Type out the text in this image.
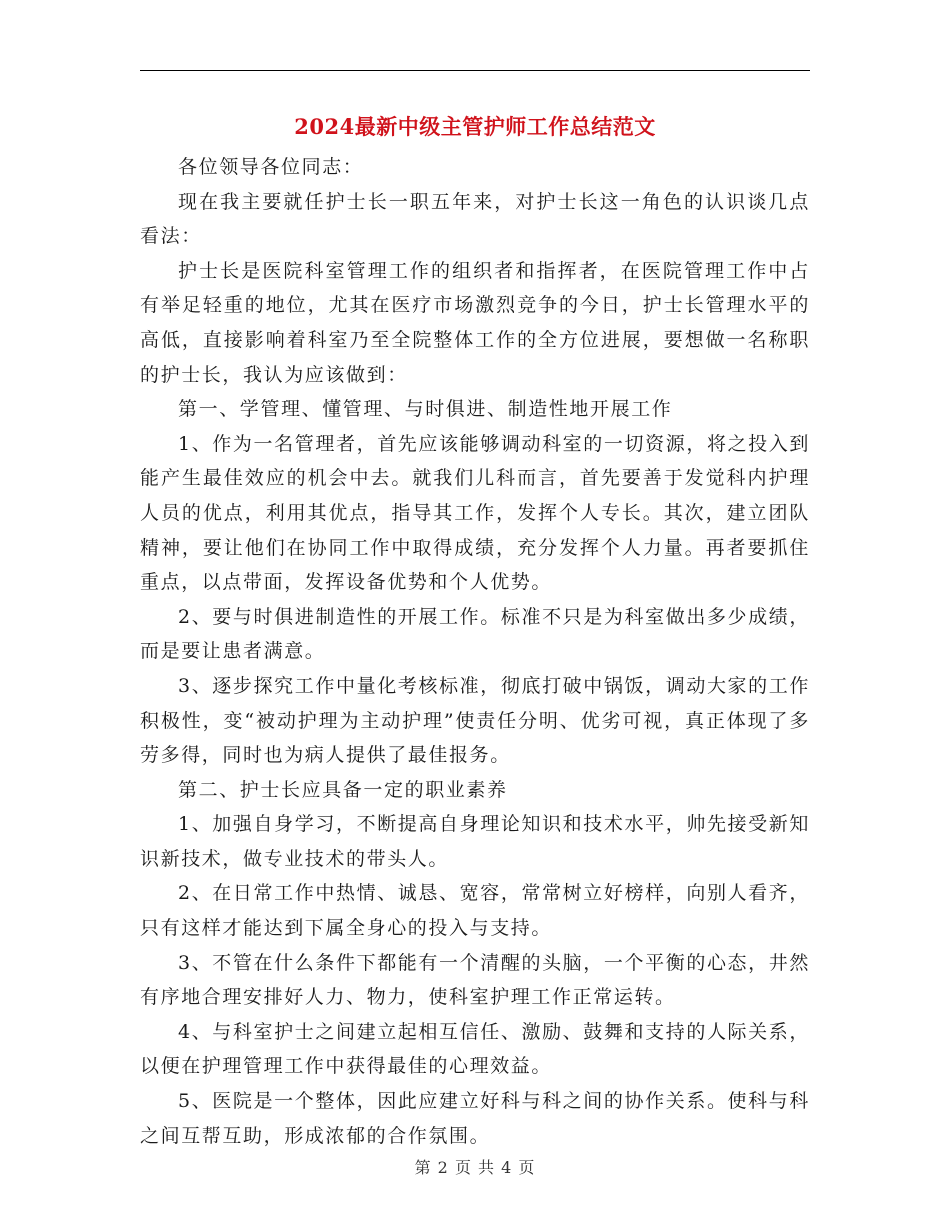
2024最新中级主管护师工作总结范文

各位领导各位同志：

现在我主要就任护士长一职五年来，对护士长这一角色的认识谈几点看法：

护士长是医院科室管理工作的组织者和指挥者，在医院管理工作中占有举足轻重的地位，尤其在医疗市场激烈竞争的今日，护士长管理水平的高低，直接影响着科室乃至全院整体工作的全方位进展，要想做一名称职的护士长，我认为应该做到：

第一、学管理、懂管理、与时俱进、制造性地开展工作

1、作为一名管理者，首先应该能够调动科室的一切资源，将之投入到能产生最佳效应的机会中去。就我们儿科而言，首先要善于发觉科内护理人员的优点，利用其优点，指导其工作，发挥个人专长。其次，建立团队精神，要让他们在协同工作中取得成绩，充分发挥个人力量。再者要抓住重点，以点带面，发挥设备优势和个人优势。

2、要与时俱进制造性的开展工作。标准不只是为科室做出多少成绩，而是要让患者满意。

3、逐步探究工作中量化考核标准，彻底打破中锅饭，调动大家的工作积极性，变“被动护理为主动护理”使责任分明、优劣可视，真正体现了多劳多得，同时也为病人提供了最佳报务。

第二、护士长应具备一定的职业素养

1、加强自身学习，不断提高自身理论知识和技术水平，帅先接受新知识新技术，做专业技术的带头人。

2、在日常工作中热情、诚恳、宽容，常常树立好榜样，向别人看齐，只有这样才能达到下属全身心的投入与支持。

3、不管在什么条件下都能有一个清醒的头脑，一个平衡的心态，井然有序地合理安排好人力、物力，使科室护理工作正常运转。

4、与科室护士之间建立起相互信任、激励、鼓舞和支持的人际关系，以便在护理管理工作中获得最佳的心理效益。

5、医院是一个整体，因此应建立好科与科之间的协作关系。使科与科之间互帮互助，形成浓郁的合作氛围。

第 2 页 共 4 页
